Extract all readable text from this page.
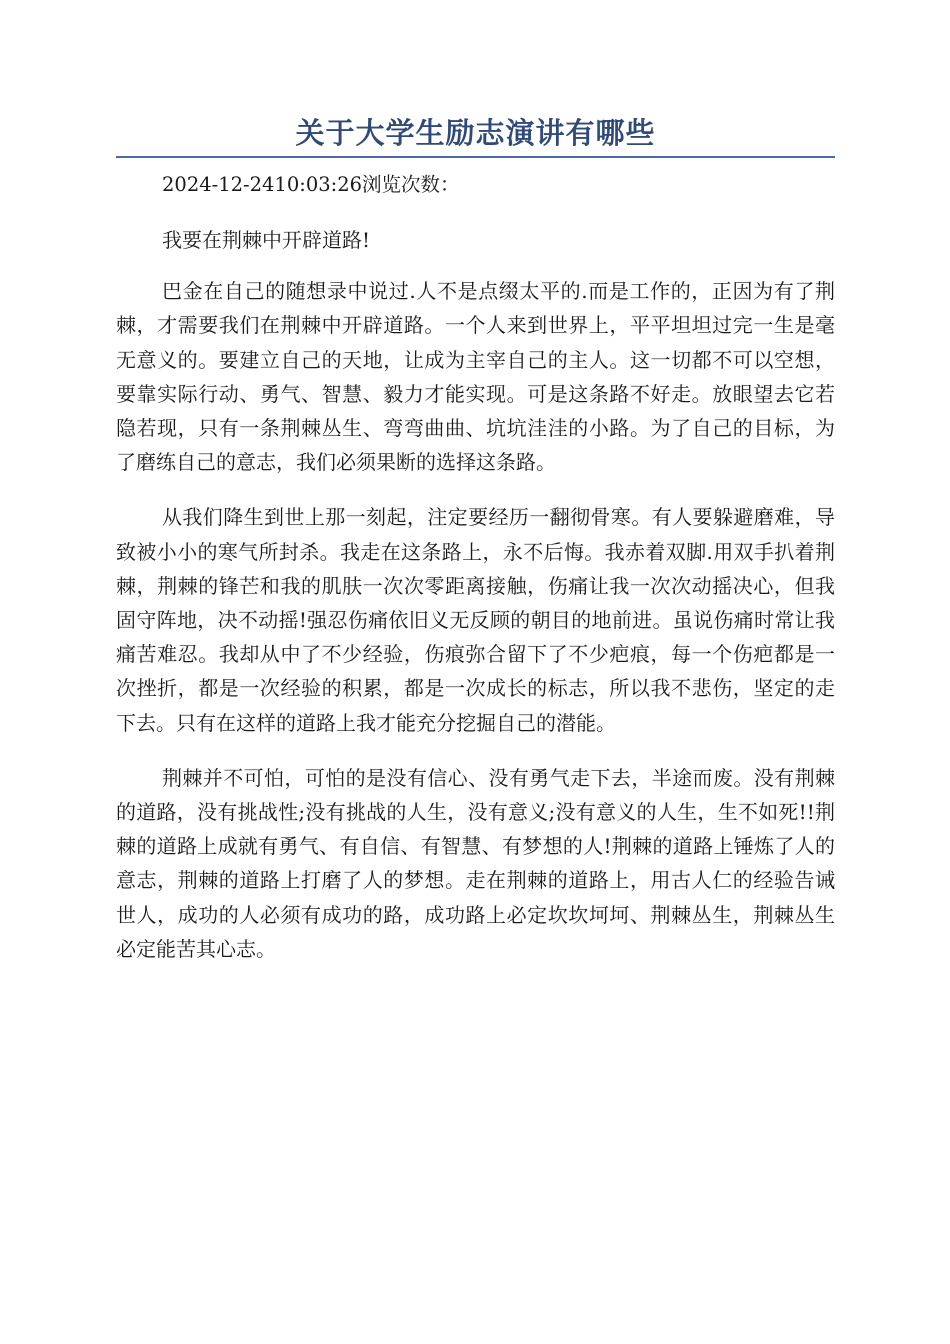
关于大学生励志演讲有哪些

2024-12-2410:03:26浏览次数：

我要在荆棘中开辟道路!

巴金在自己的随想录中说过.人不是点缀太平的.而是工作的，正因为有了荆棘，才需要我们在荆棘中开辟道路。一个人来到世界上，平平坦坦过完一生是毫无意义的。要建立自己的天地，让成为主宰自己的主人。这一切都不可以空想，要靠实际行动、勇气、智慧、毅力才能实现。可是这条路不好走。放眼望去它若隐若现，只有一条荆棘丛生、弯弯曲曲、坑坑洼洼的小路。为了自己的目标，为了磨练自己的意志，我们必须果断的选择这条路。

从我们降生到世上那一刻起，注定要经历一翻彻骨寒。有人要躲避磨难，导致被小小的寒气所封杀。我走在这条路上，永不后悔。我赤着双脚.用双手扒着荆棘，荆棘的锋芒和我的肌肤一次次零距离接触，伤痛让我一次次动摇决心，但我固守阵地，决不动摇!强忍伤痛依旧义无反顾的朝目的地前进。虽说伤痛时常让我痛苦难忍。我却从中了不少经验，伤痕弥合留下了不少疤痕，每一个伤疤都是一次挫折，都是一次经验的积累，都是一次成长的标志，所以我不悲伤，坚定的走下去。只有在这样的道路上我才能充分挖掘自己的潜能。

荆棘并不可怕，可怕的是没有信心、没有勇气走下去，半途而废。没有荆棘的道路，没有挑战性;没有挑战的人生，没有意义;没有意义的人生，生不如死!!荆棘的道路上成就有勇气、有自信、有智慧、有梦想的人!荆棘的道路上锤炼了人的意志，荆棘的道路上打磨了人的梦想。走在荆棘的道路上，用古人仁的经验告诫世人，成功的人必须有成功的路，成功路上必定坎坎坷坷、荆棘丛生，荆棘丛生必定能苦其心志。
